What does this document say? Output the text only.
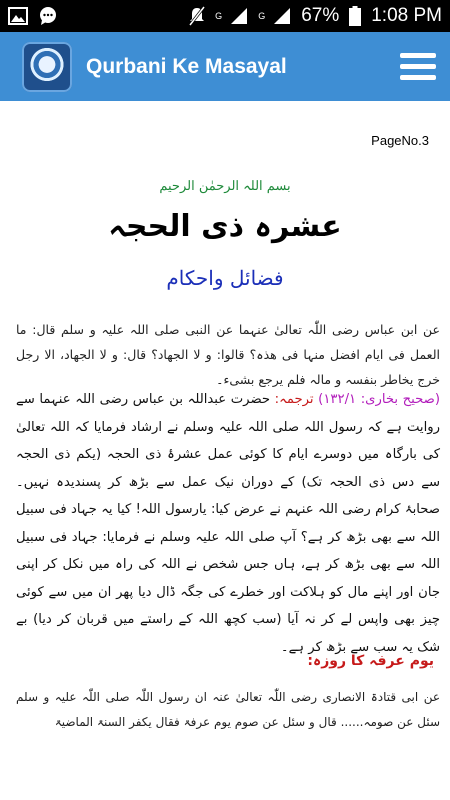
G	G 67% 1:08 PM
Qurbani Ke Masayal
PageNo.3
بسم اللہ الرحمٰن الرحیم
عشرہ ذی الحجہ
فضائل واحکام
عن ابن عباس رضی اللّٰہ تعالیٰ عنہما عن النبی صلی اللہ علیہ و سلم قال: ما العمل فی ایام افضل منہا فی ھذہ؟ قالوا: و لا الجھاد؟ قال: و لا الجھاد، الا رجل خرج یخاطر بنفسہ و مالہ فلم یرجع بشیء۔
(صحیح بخاری: ۱۳۲/۱) ترجمہ: حضرت عبداللہ بن عباس رضی اللہ عنہما سے روایت ہے کہ رسول اللہ صلی اللہ علیہ وسلم نے ارشاد فرمایا کہ اللہ تعالیٰ کی بارگاہ میں دوسرے ایام کا کوئی عمل عشرۂ ذی الحجہ (یکم ذی الحجہ سے دس ذی الحجہ تک) کے دوران نیک عمل سے بڑھ کر پسندیدہ نہیں۔ صحابۂ کرام رضی اللہ عنہم نے عرض کیا: یارسول اللہ! کیا یہ جہاد فی سبیل اللہ سے بھی بڑھ کر ہے؟ آپ صلی اللہ علیہ وسلم نے فرمایا: جہاد فی سبیل اللہ سے بھی بڑھ کر ہے، ہاں جس شخص نے اللہ کی راہ میں نکل کر اپنی جان اور اپنے مال کو ہلاکت اور خطرے کی جگہ ڈال دیا پھر ان میں سے کوئی چیز بھی واپس لے کر نہ آیا (سب کچھ اللہ کے راستے میں قربان کر دیا) بے شک یہ سب سے بڑھ کر ہے۔
یوم عرفہ کا روزہ:
عن ابی قتادۃ الانصاری رضی اللّٰہ تعالیٰ عنہ ان رسول اللّٰہ صلی اللّٰہ علیہ و سلم سئل عن صومہ...... قال و سئل عن صوم یوم عرفۃ فقال یکفر السنۃ الماضیۃ
